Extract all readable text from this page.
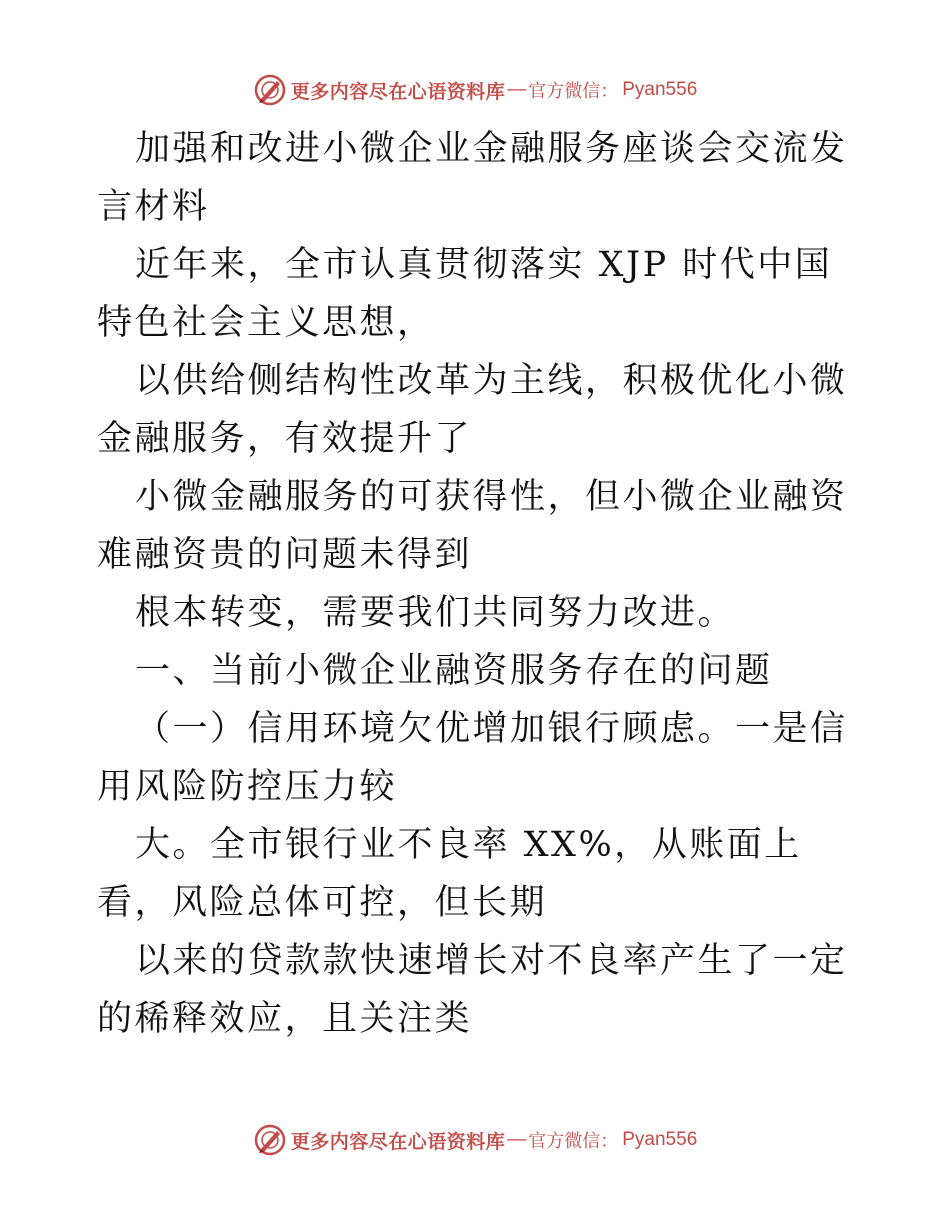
更多内容尽在心语资料库 — 官方微信： Pyan556

加强和改进小微企业金融服务座谈会交流发言材料

近年来，全市认真贯彻落实 XJP 时代中国特色社会主义思想，

以供给侧结构性改革为主线，积极优化小微金融服务，有效提升了

小微金融服务的可获得性，但小微企业融资难融资贵的问题未得到

根本转变，需要我们共同努力改进。

一、当前小微企业融资服务存在的问题

（一）信用环境欠优增加银行顾虑。一是信用风险防控压力较

大。全市银行业不良率 XX%，从账面上看，风险总体可控，但长期

以来的贷款款快速增长对不良率产生了一定的稀释效应，且关注类

更多内容尽在心语资料库 — 官方微信： Pyan556
